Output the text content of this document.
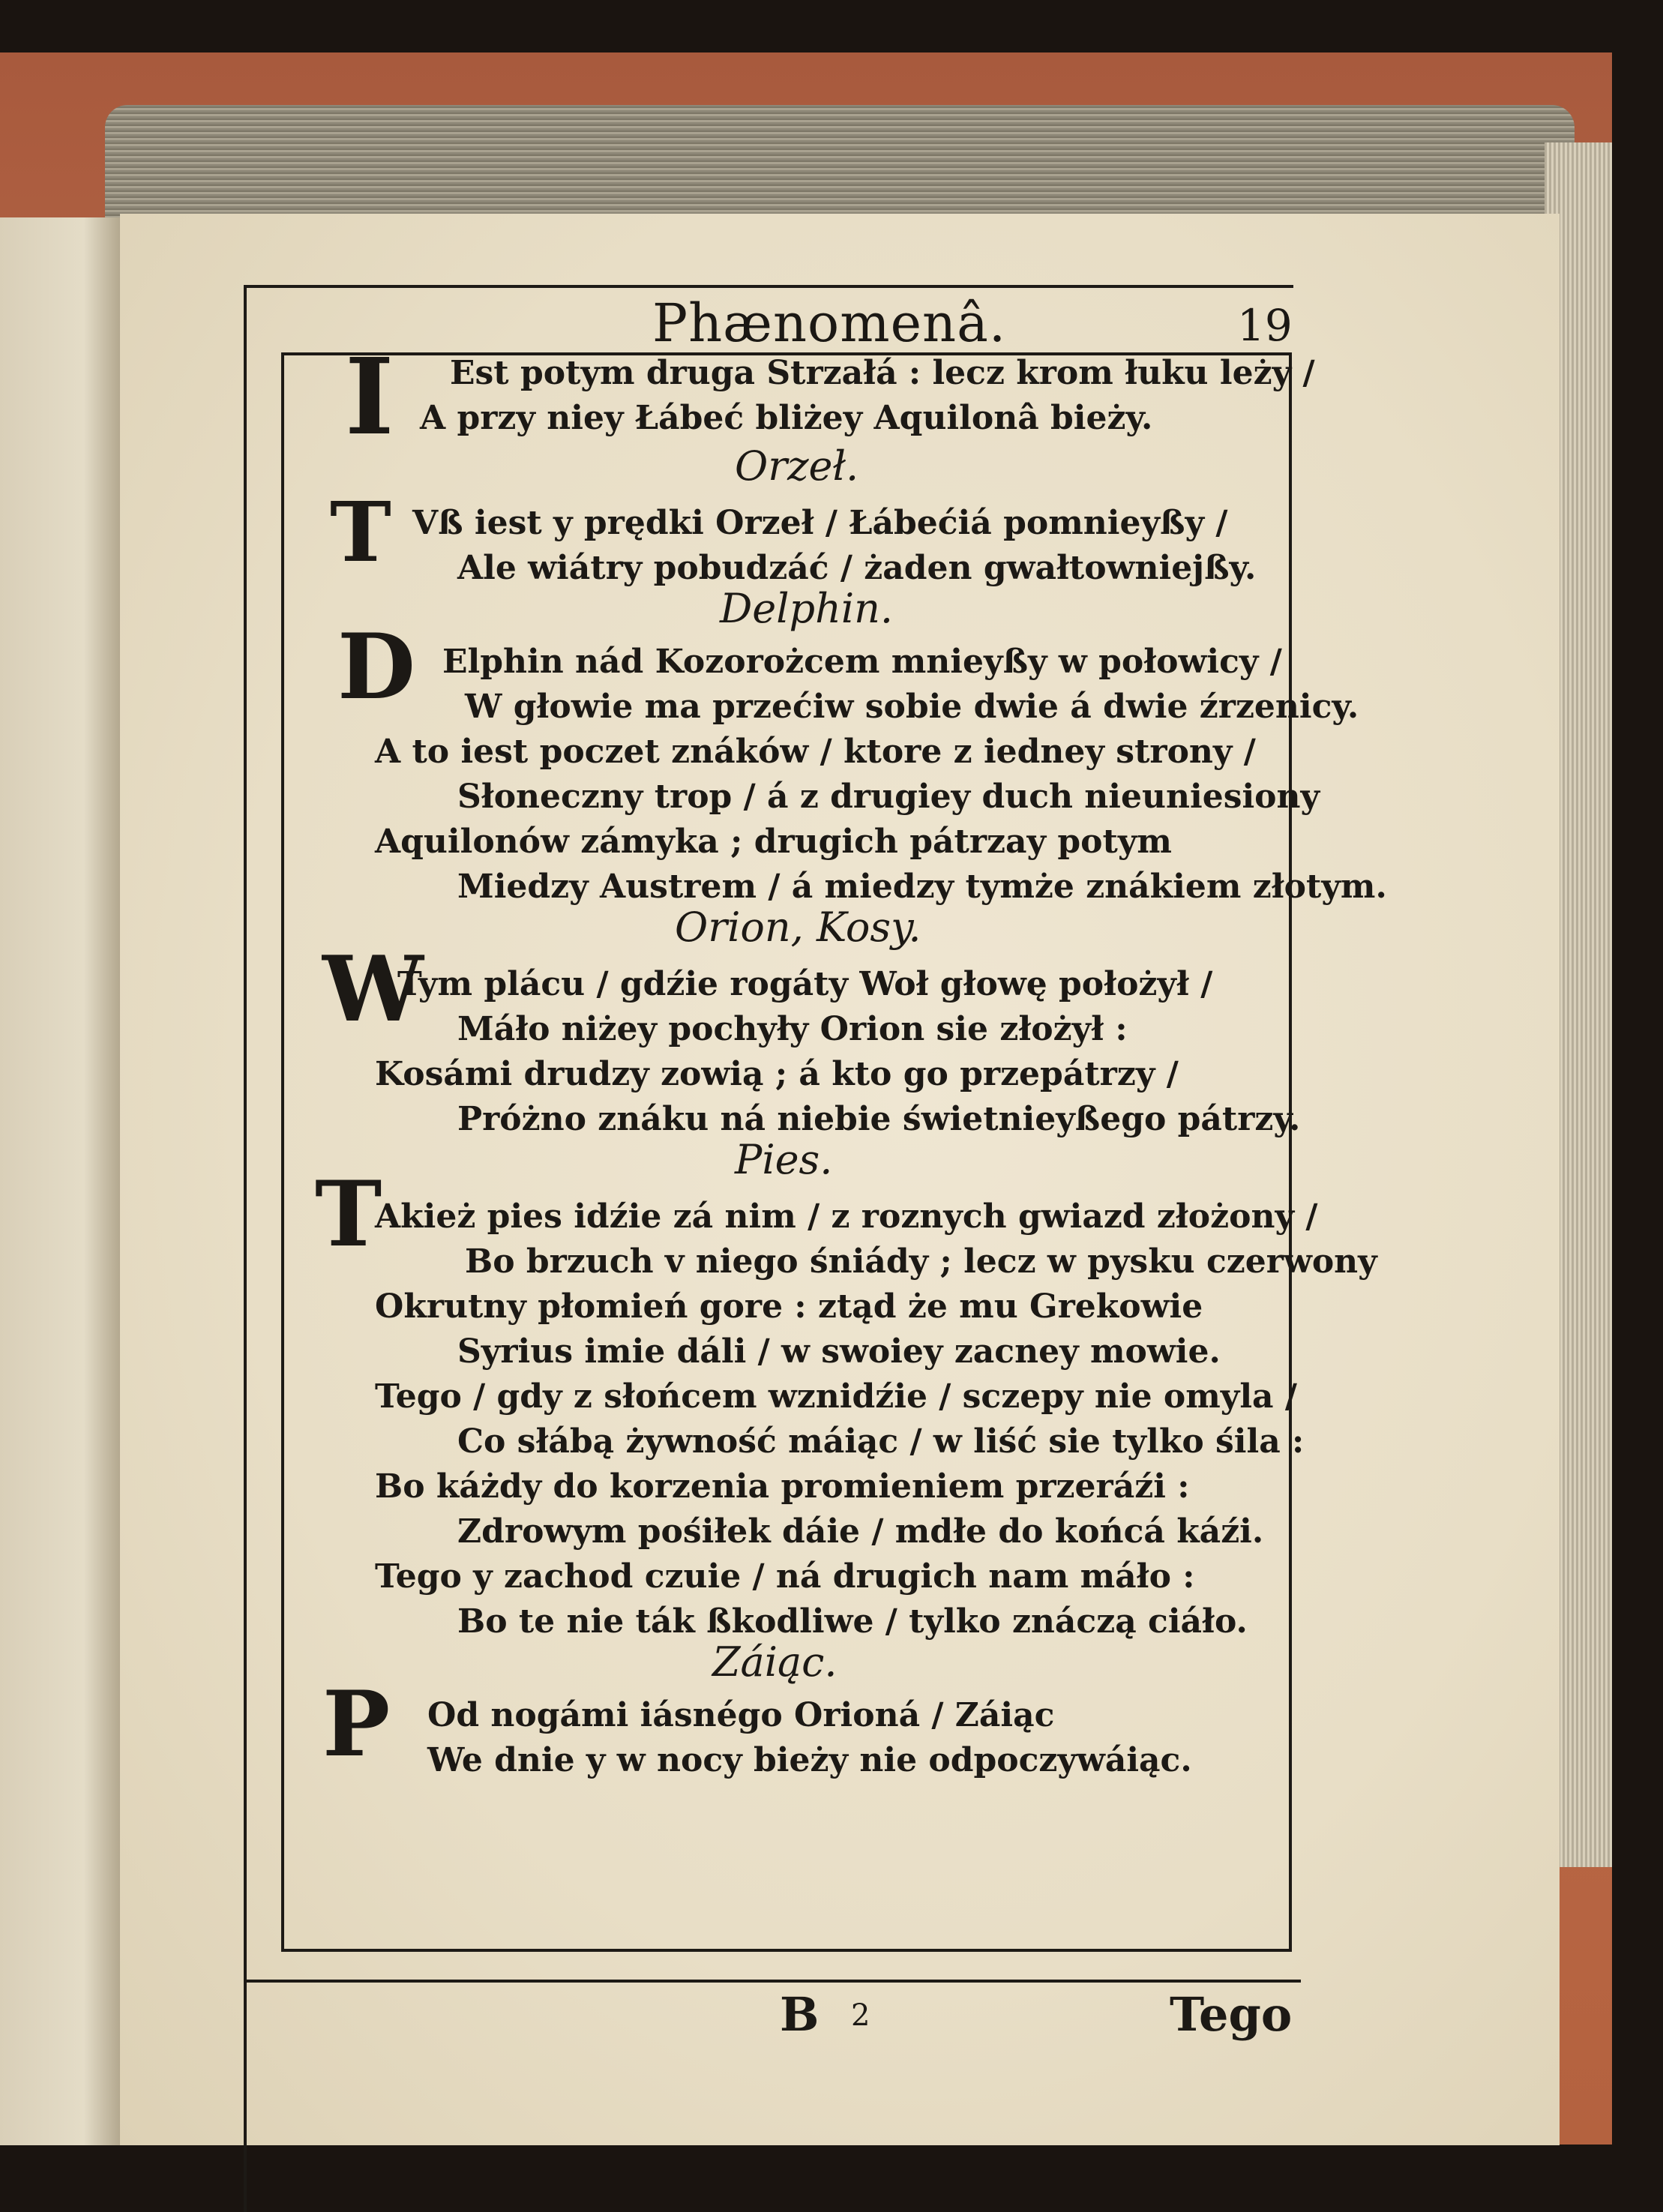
Phænomenâ.	19
I Est potym druga Strzałá : lecz krom łuku leży /
A przy niey Łábeć bliżey Aquilonâ bieży.
Orzeł.
T Vß iest y prędki Orzeł / Łábećiá pomnieyßy /
Ale wiátry pobudzáć / żaden gwałtowniejßy.
Delphin.
D Elphin nád Kozorożcem mnieyßy w połowicy /
W głowie ma przećiw sobie dwie á dwie źrzenicy.
A to iest poczet znáków / ktore z iedney strony /
Słoneczny trop / á z drugiey duch nieuniesiony
Aquilonów zámyka ; drugich pátrzay potym
Miedzy Austrem / á miedzy tymże znákiem złotym.
Orion, Kosy.
W
Tym plácu / gdźie rogáty Woł głowę położył /
Máło niżey pochyły Orion sie złożył :
Kosámi drudzy zowią ; á kto go przepátrzy /
Próżno znáku ná niebie świetnieyßego pátrzy.
Pies.
T
Akież pies idźie zá nim / z roznych gwiazd złożony /
Bo brzuch v niego śniády ; lecz w pysku czerwony
Okrutny płomień gore : ztąd że mu Grekowie
Syrius imie dáli / w swoiey zacney mowie.
Tego / gdy z słońcem wznidźie / sczepy nie omyla /
Co słábą żywność máiąc / w liść sie tylko śila :
Bo káżdy do korzenia promieniem przeráźi :
Zdrowym pośiłek dáie / mdłe do końcá káźi.
Tego y zachod czuie / ná drugich nam máło :
Bo te nie ták ßkodliwe / tylko znáczą ciáło.
Záiąc.
P Od nogámi iásnégo Orioná / Záiąc
We dnie y w nocy bieży nie odpoczywáiąc.
B 2	Tego
